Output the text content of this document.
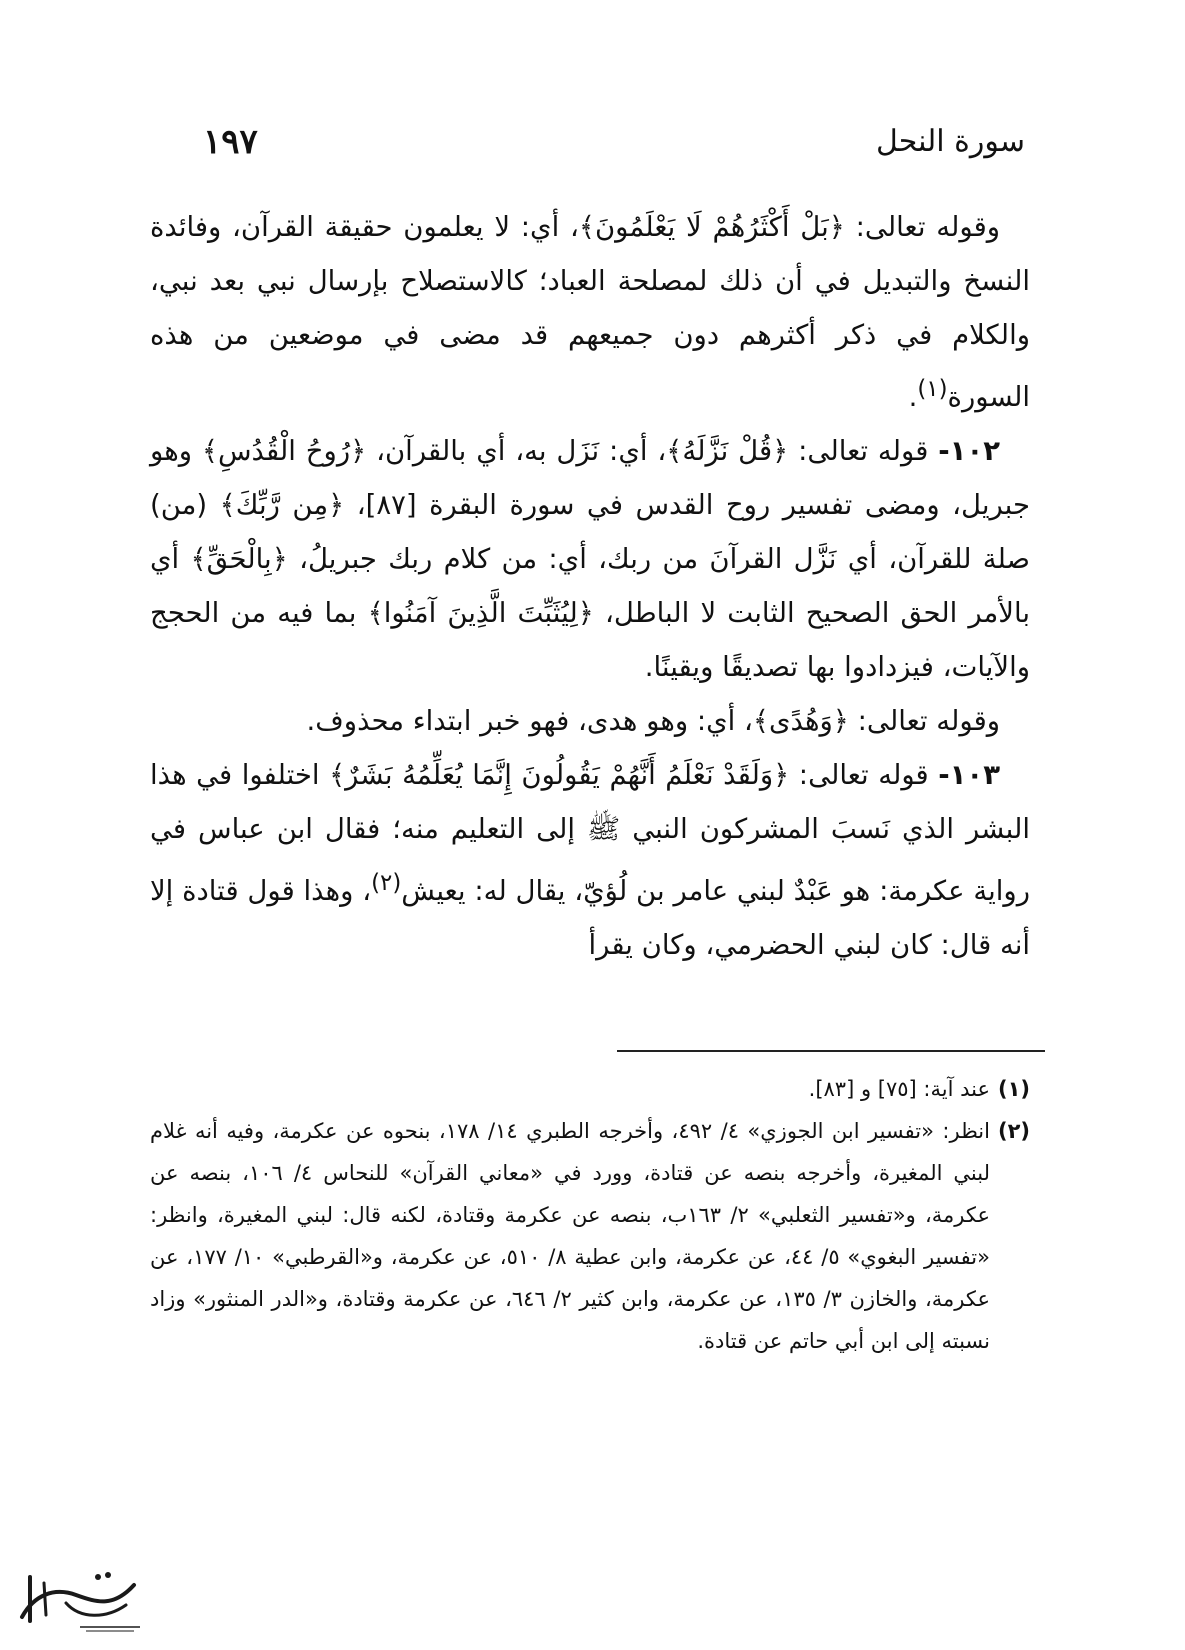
سورة النحل
١٩٧

وقوله تعالى: ﴿بَلْ أَكْثَرُهُمْ لَا يَعْلَمُونَ﴾، أي: لا يعلمون حقيقة القرآن، وفائدة النسخ والتبديل في أن ذلك لمصلحة العباد؛ كالاستصلاح بإرسال نبي بعد نبي، والكلام في ذكر أكثرهم دون جميعهم قد مضى في موضعين من هذه السورة$^{(١)}$.

١٠٢- قوله تعالى: ﴿قُلْ نَزَّلَهُ﴾، أي: نَزَل به، أي بالقرآن، ﴿رُوحُ الْقُدُسِ﴾ وهو جبريل، ومضى تفسير روح القدس في سورة البقرة [٨٧]، ﴿مِن رَّبِّكَ﴾ (من) صلة للقرآن، أي نَزَّل القرآنَ من ربك، أي: من كلام ربك جبريلُ، ﴿بِالْحَقِّ﴾ أي بالأمر الحق الصحيح الثابت لا الباطل، ﴿لِيُثَبِّتَ الَّذِينَ آمَنُوا﴾ بما فيه من الحجج والآيات، فيزدادوا بها تصديقًا ويقينًا.

وقوله تعالى: ﴿وَهُدًى﴾، أي: وهو هدى، فهو خبر ابتداء محذوف.

١٠٣- قوله تعالى: ﴿وَلَقَدْ نَعْلَمُ أَنَّهُمْ يَقُولُونَ إِنَّمَا يُعَلِّمُهُ بَشَرٌ﴾ اختلفوا في هذا البشر الذي نَسبَ المشركون النبي ﷺ إلى التعليم منه؛ فقال ابن عباس في رواية عكرمة: هو عَبْدٌ لبني عامر بن لُؤيّ، يقال له: يعيش$^{(٢)}$، وهذا قول قتادة إلا أنه قال: كان لبني الحضرمي، وكان يقرأ

(١)
عند آية: [٧٥] و [٨٣].
(٢)
انظر: «تفسير ابن الجوزي» ٤/ ٤٩٢، وأخرجه الطبري ١٤/ ١٧٨، بنحوه عن عكرمة، وفيه أنه غلام لبني المغيرة، وأخرجه بنصه عن قتادة، وورد في «معاني القرآن» للنحاس ٤/ ١٠٦، بنصه عن عكرمة، و«تفسير الثعلبي» ٢/ ١٦٣ب، بنصه عن عكرمة وقتادة، لكنه قال: لبني المغيرة، وانظر: «تفسير البغوي» ٥/ ٤٤، عن عكرمة، وابن عطية ٨/ ٥١٠، عن عكرمة، و«القرطبي» ١٠/ ١٧٧، عن عكرمة، والخازن ٣/ ١٣٥، عن عكرمة، وابن كثير ٢/ ٦٤٦، عن عكرمة وقتادة، و«الدر المنثور» وزاد نسبته إلى ابن أبي حاتم عن قتادة.
